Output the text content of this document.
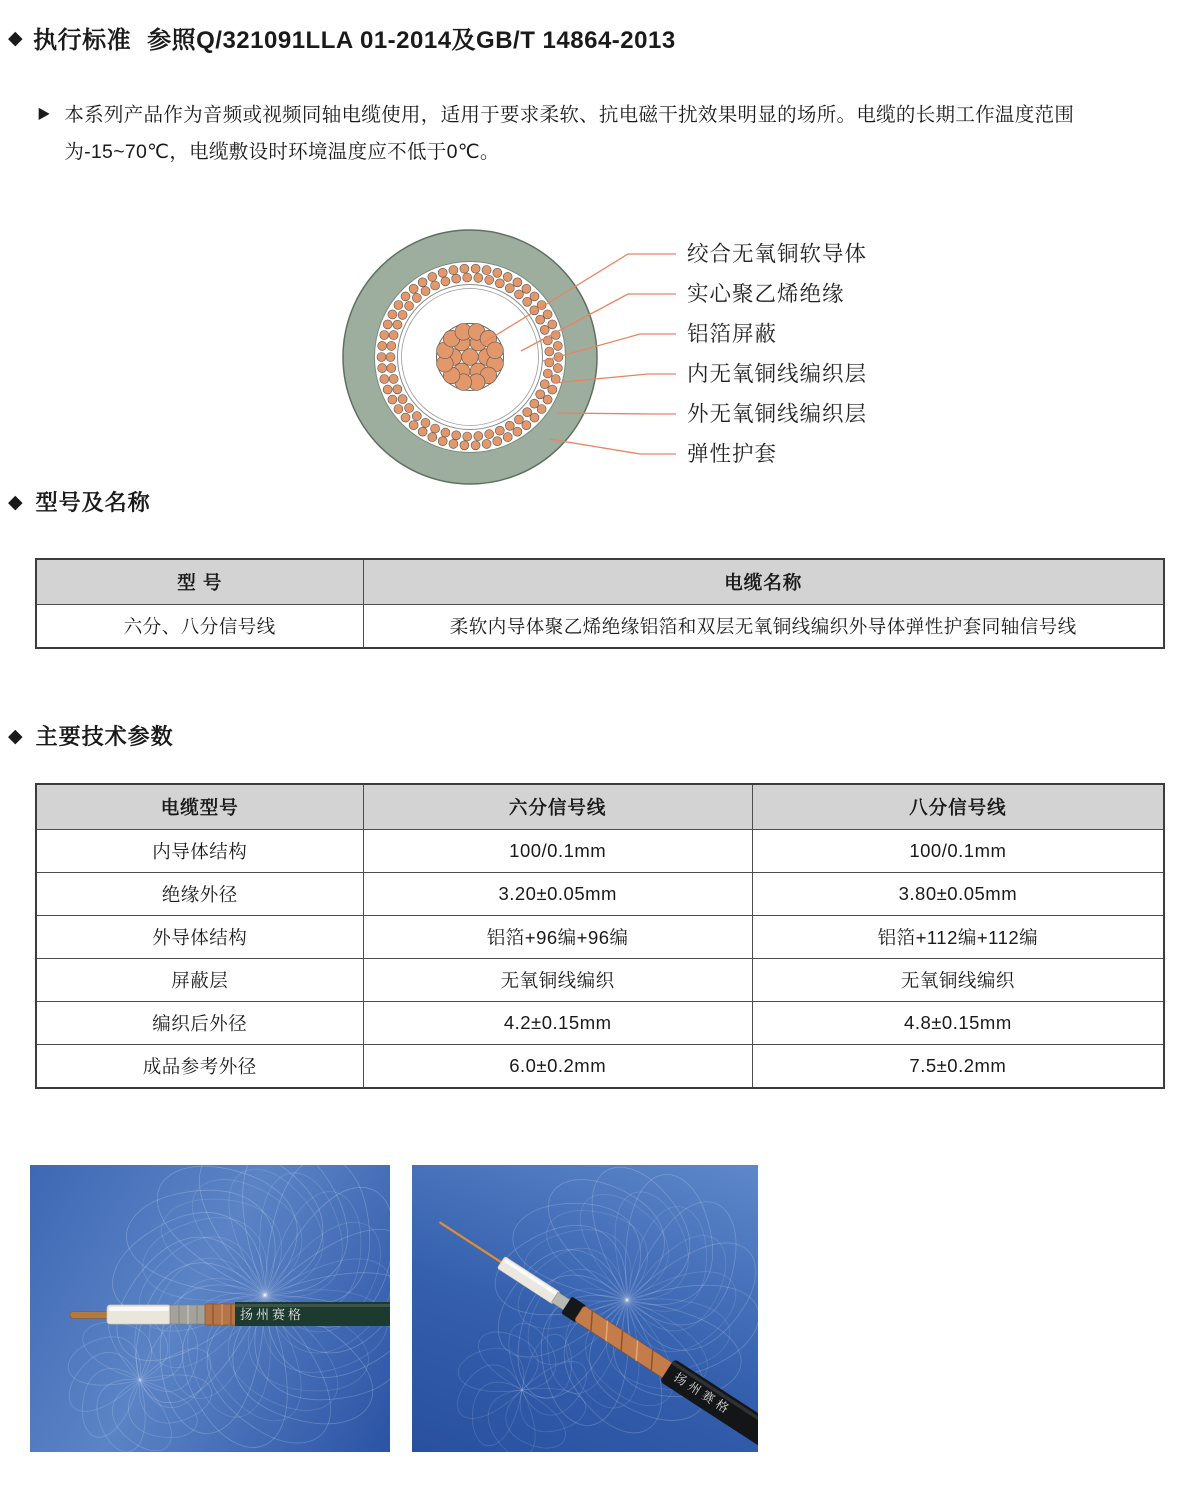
◆ 执行标准 参照Q/321091LLA 01-2014及GB/T 14864-2013
▶ 本系列产品作为音频或视频同轴电缆使用，适用于要求柔软、抗电磁干扰效果明显的场所。电缆的长期工作温度范围为-15~70℃，电缆敷设时环境温度应不低于0℃。

绞合无氧铜软导体
实心聚乙烯绝缘
铝箔屏蔽
内无氧铜线编织层
外无氧铜线编织层
弹性护套
◆ 型号及名称
型 号	电缆名称
六分、八分信号线	柔软内导体聚乙烯绝缘铝箔和双层无氧铜线编织外导体弹性护套同轴信号线
◆ 主要技术参数
电缆型号	六分信号线	八分信号线
内导体结构	100/0.1mm	100/0.1mm
绝缘外径	3.20±0.05mm	3.80±0.05mm
外导体结构	铝箔+96编+96编	铝箔+112编+112编
屏蔽层	无氧铜线编织	无氧铜线编织
编织后外径	4.2±0.15mm	4.8±0.15mm
成品参考外径	6.0±0.2mm	7.5±0.2mm
扬州赛格
扬州赛格
